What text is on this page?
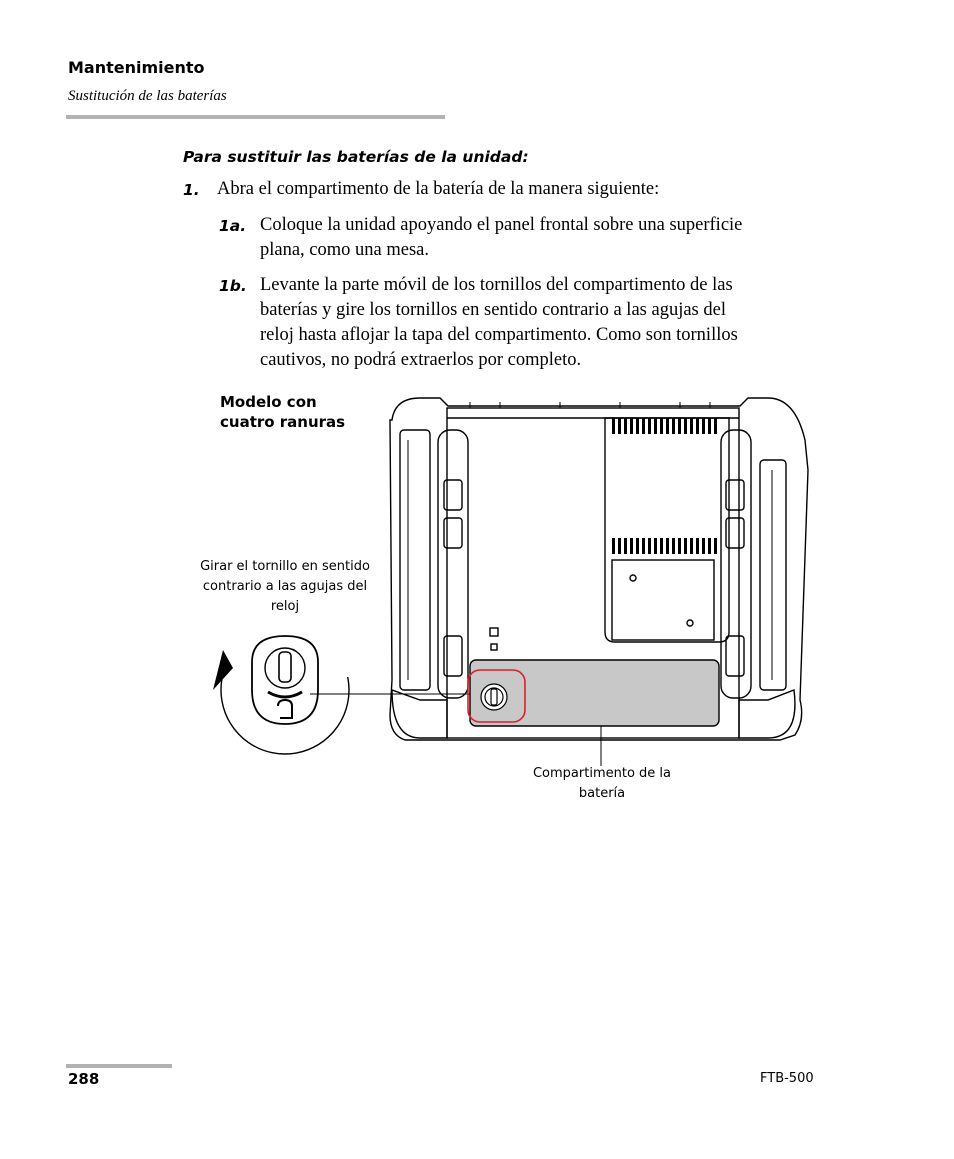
Mantenimiento
Sustitución de las baterías
Para sustituir las baterías de la unidad:
1. Abra el compartimento de la batería de la manera siguiente:
1a. Coloque la unidad apoyando el panel frontal sobre una superficie
plana, como una mesa.
1b. Levante la parte móvil de los tornillos del compartimento de las
baterías y gire los tornillos en sentido contrario a las agujas del
reloj hasta aflojar la tapa del compartimento. Como son tornillos
cautivos, no podrá extraerlos por completo.
Modelo con
cuatro ranuras
Girar el tornillo en sentido
contrario a las agujas del
reloj
Compartimento de la
batería
288	FTB-500
